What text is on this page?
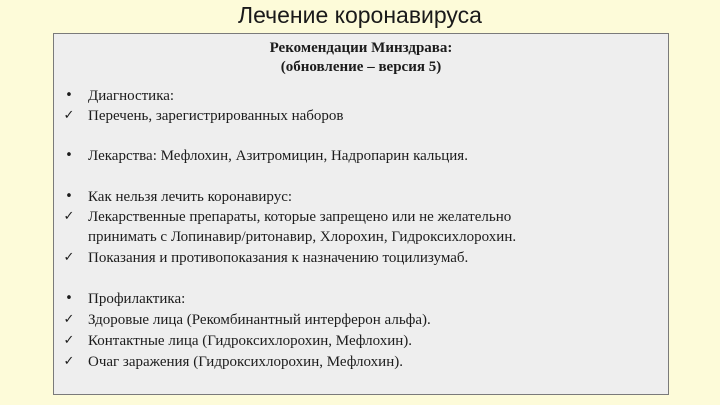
Лечение коронавируса
Рекомендации Минздрава:
(обновление – версия 5)
•	Диагностика:
✓ Перечень, зарегистрированных наборов
•	Лекарства: Мефлохин, Азитромицин, Надропарин кальция.
•	Как нельзя лечить коронавирус:
✓ Лекарственные препараты, которые запрещено или не желательно
принимать с Лопинавир/ритонавир, Хлорохин, Гидроксихлорохин.
✓ Показания и противопоказания к назначению тоцилизумаб.
•	Профилактика:
✓ Здоровые лица (Рекомбинантный интерферон альфа).
✓ Контактные лица (Гидроксихлорохин, Мефлохин).
✓ Очаг заражения (Гидроксихлорохин, Мефлохин).
